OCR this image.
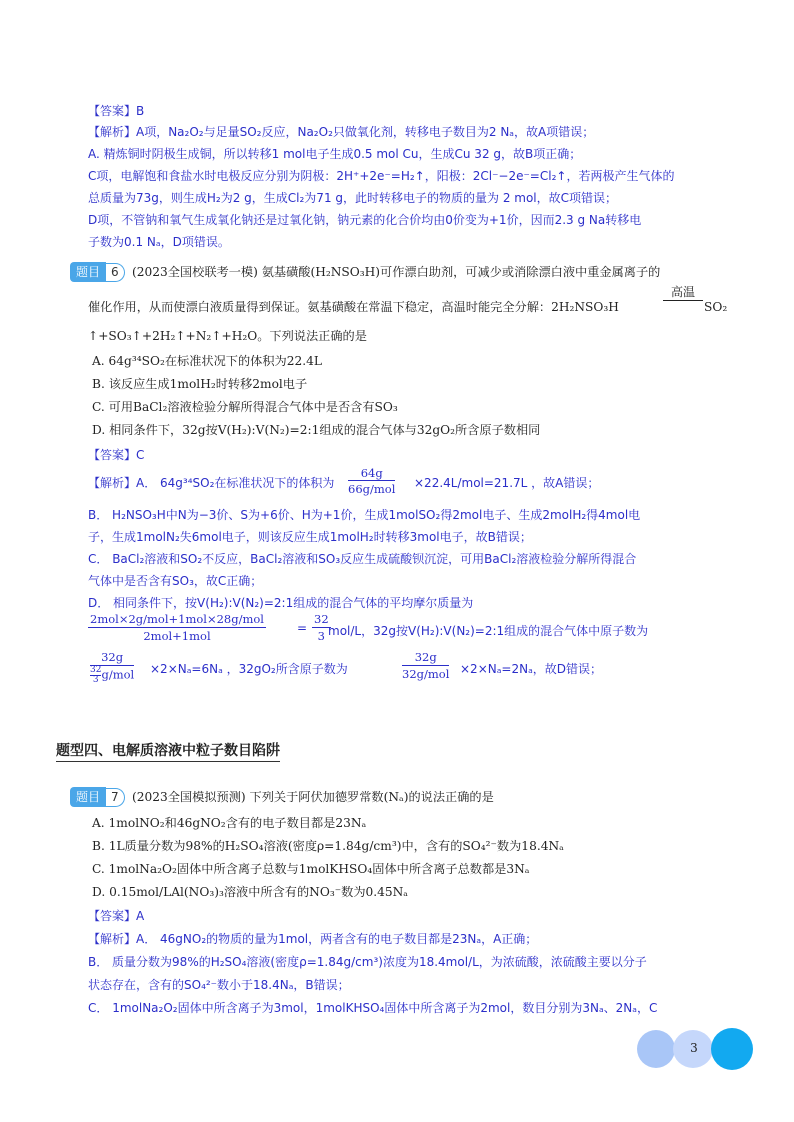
【答案】B
【解析】A项，Na₂O₂与足量SO₂反应，Na₂O₂只做氧化剂，转移电子数目为2 Nₐ，故A项错误；
A. 精炼铜时阴极生成铜，所以转移1 mol电子生成0.5 mol Cu，生成Cu 32 g，故B项正确；
C项，电解饱和食盐水时电极反应分别为阴极：2H⁺+2e⁻=H₂↑，阳极：2Cl⁻−2e⁻=Cl₂↑，若两极产生气体的
总质量为73g，则生成H₂为2 g，生成Cl₂为71 g，此时转移电子的物质的量为 2 mol，故C项错误；
D项，不管钠和氧气生成氧化钠还是过氧化钠，钠元素的化合价均由0价变为+1价，因而2.3 g Na转移电
子数为0.1 Nₐ，D项错误。
题目 6	(2023全国校联考一模) 氨基磺酸(H₂NSO₃H)可作漂白助剂，可减少或消除漂白液中重金属离子的
催化作用，从而使漂白液质量得到保证。氨基磺酸在常温下稳定，高温时能完全分解：2H₂NSO₃H
高温
SO₂
↑+SO₃↑+2H₂↑+N₂↑+H₂O。下列说法正确的是
A. 64g³⁴SO₂在标准状况下的体积为22.4L
B. 该反应生成1molH₂时转移2mol电子
C. 可用BaCl₂溶液检验分解所得混合气体中是否含有SO₃
D. 相同条件下，32g按V(H₂):V(N₂)=2:1组成的混合气体与32gO₂所含原子数相同
【答案】C
【解析】A． 64g³⁴SO₂在标准状况下的体积为
64g
66g/mol ×22.4L/mol=21.7L ，故A错误；
B． H₂NSO₃H中N为−3价、S为+6价、H为+1价，生成1molSO₂得2mol电子、生成2molH₂得4mol电
子，生成1molN₂失6mol电子，则该反应生成1molH₂时转移3mol电子，故B错误；
C． BaCl₂溶液和SO₂不反应，BaCl₂溶液和SO₃反应生成硫酸钡沉淀，可用BaCl₂溶液检验分解所得混合
气体中是否含有SO₃，故C正确；
D． 相同条件下，按V(H₂):V(N₂)=2:1组成的混合气体的平均摩尔质量为
2mol×2g/mol+1mol×28g/mol
2mol+1mol
= $\frac{32}{3}$
mol/L，32g按V(H₂):V(N₂)=2:1组成的混合气体中原子数为
32g
$\frac{32}{3} g/mol \times 2\times N_a=6N_a$ ，32gO₂所含原子数为
32g
32g/mol ×2×Nₐ=2Nₐ，故D错误；
题型四、电解质溶液中粒子数目陷阱
题目 7	(2023全国模拟预测) 下列关于阿伏加德罗常数(Nₐ)的说法正确的是
A. 1molNO₂和46gNO₂含有的电子数目都是23Nₐ
B. 1L质量分数为98%的H₂SO₄溶液(密度ρ=1.84g/cm³)中，含有的SO₄²⁻数为18.4Nₐ
C. 1molNa₂O₂固体中所含离子总数与1molKHSO₄固体中所含离子总数都是3Nₐ
D. 0.15mol/LAl(NO₃)₃溶液中所含有的NO₃⁻数为0.45Nₐ
【答案】A
【解析】A． 46gNO₂的物质的量为1mol，两者含有的电子数目都是23Nₐ，A正确；
B． 质量分数为98%的H₂SO₄溶液(密度ρ=1.84g/cm³)浓度为18.4mol/L，为浓硫酸，浓硫酸主要以分子
状态存在，含有的SO₄²⁻数小于18.4Nₐ，B错误；
C． 1molNa₂O₂固体中所含离子为3mol，1molKHSO₄固体中所含离子为2mol，数目分别为3Nₐ、2Nₐ，C
3
